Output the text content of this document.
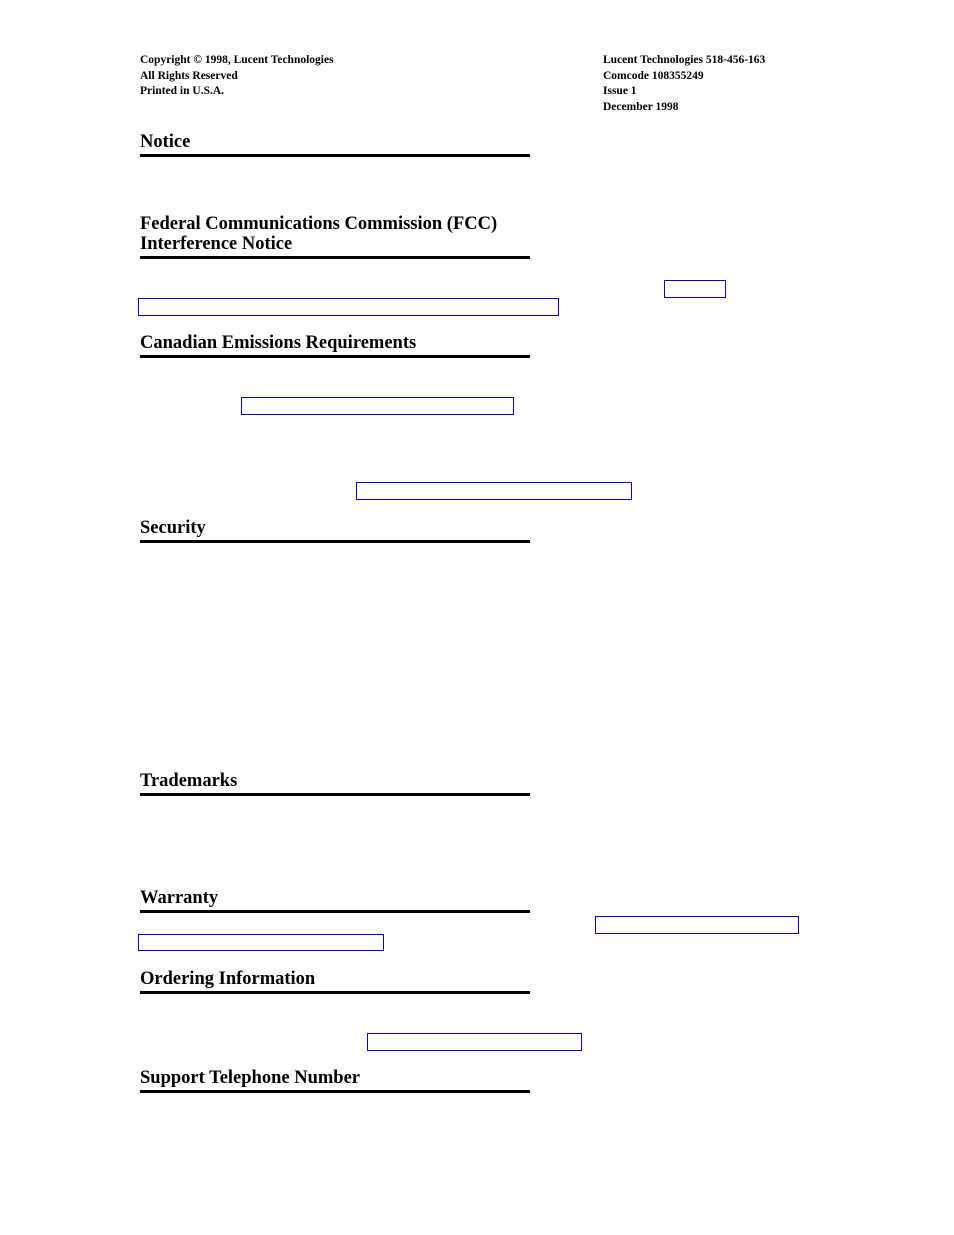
Copyright © 1998, Lucent Technologies
All Rights Reserved
Printed in U.S.A.
Lucent Technologies 518-456-163
Comcode 108355249
Issue 1
December 1998
Notice
Federal Communications Commission (FCC)
Interference Notice
Canadian Emissions Requirements
Security
Trademarks
Warranty
Ordering Information
Support Telephone Number
